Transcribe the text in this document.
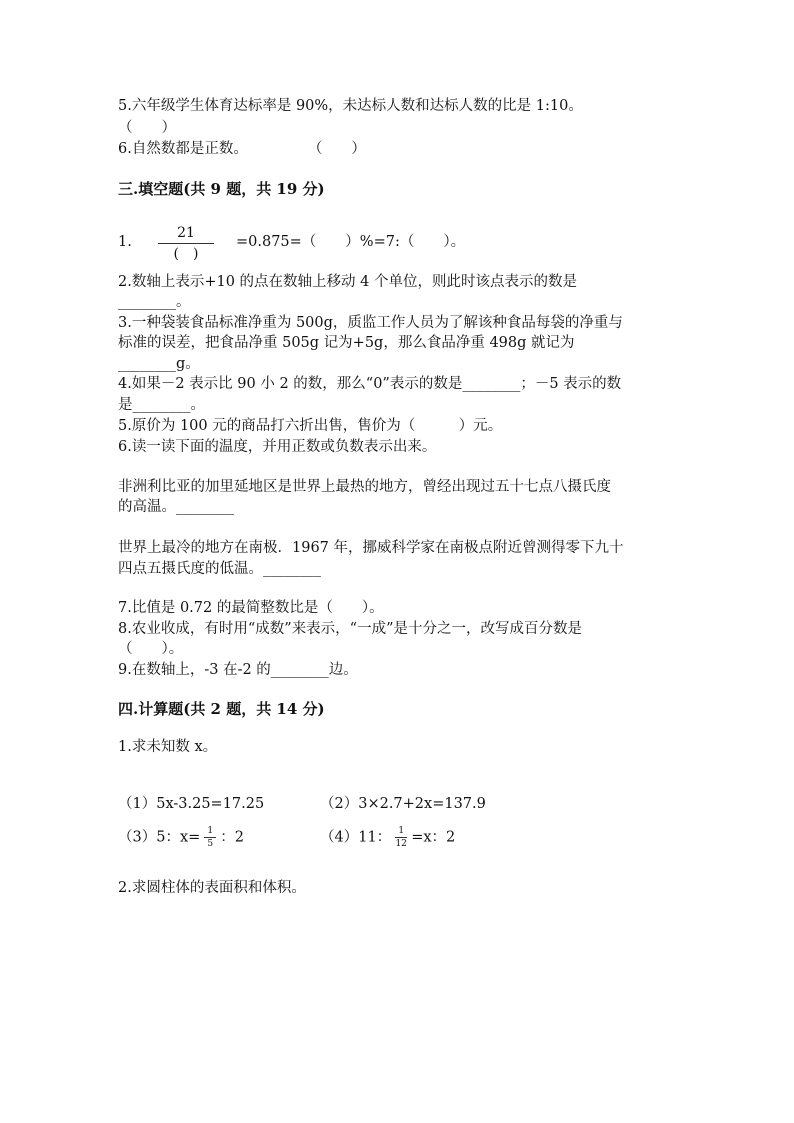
5.六年级学生体育达标率是 90%，未达标人数和达标人数的比是 1:10。
（　　）
6.自然数都是正数。	（　　）
三.填空题(共 9 题，共 19 分)
1.
21
(　)
=0.875=（　　）%=7:（　　）。
2.数轴上表示+10 的点在数轴上移动 4 个单位，则此时该点表示的数是
________。
3.一种袋装食品标准净重为 500g，质监工作人员为了解该种食品每袋的净重与
标准的误差，把食品净重 505g 记为+5g，那么食品净重 498g 就记为
________g。
4.如果－2 表示比 90 小 2 的数，那么“0”表示的数是________；－5 表示的数
是________。
5.原价为 100 元的商品打六折出售，售价为（　　　）元。
6.读一读下面的温度，并用正数或负数表示出来。
非洲利比亚的加里延地区是世界上最热的地方，曾经出现过五十七点八摄氏度
的高温。________
世界上最冷的地方在南极．1967 年，挪威科学家在南极点附近曾测得零下九十
四点五摄氏度的低温。________
7.比值是 0.72 的最简整数比是（　　）。
8.农业收成，有时用“成数”来表示，“一成”是十分之一，改写成百分数是
（　　）。
9.在数轴上，-3 在-2 的________边。
四.计算题(共 2 题，共 14 分)
1.求未知数 x。
（1）5x-3.25=17.25	（2）3×2.7+2x=137.9
（3）5：$x= \frac{1}{5}$ ：2	（4）11： $\frac{1}{12} =x$：2
2.求圆柱体的表面积和体积。
